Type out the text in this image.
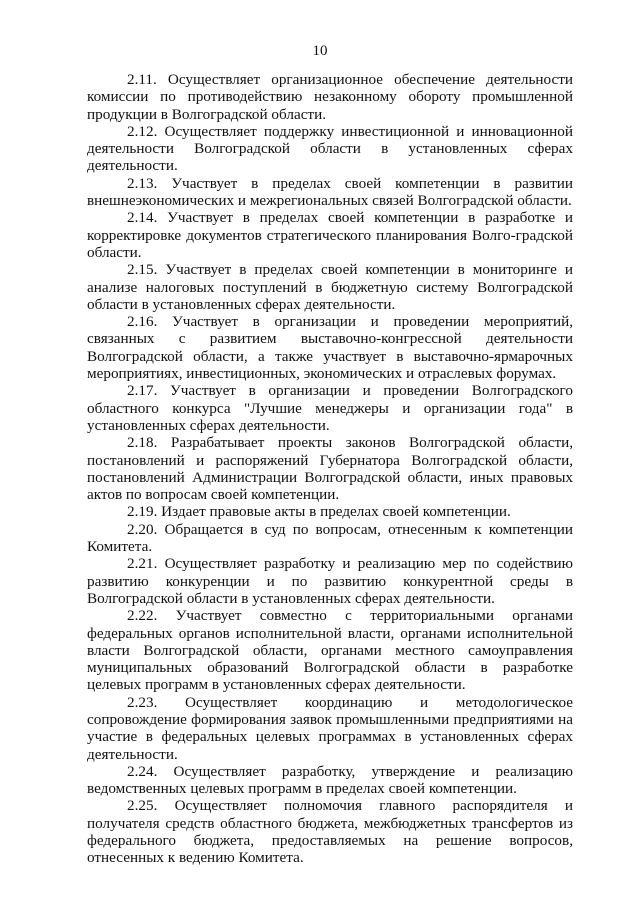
10

2.11. Осуществляет организационное обеспечение деятельности комиссии по противодействию незаконному обороту промышленной продукции в Волгоградской области.

2.12. Осуществляет поддержку инвестиционной и инновационной деятельности Волгоградской области в установленных сферах деятельности.

2.13. Участвует в пределах своей компетенции в развитии внешнеэкономических и межрегиональных связей Волгоградской области.

2.14. Участвует в пределах своей компетенции в разработке и корректировке документов стратегического планирования Волго-градской области.

2.15. Участвует в пределах своей компетенции в мониторинге и анализе налоговых поступлений в бюджетную систему Волгоградской области в установленных сферах деятельности.

2.16. Участвует в организации и проведении мероприятий, связанных с развитием выставочно-конгрессной деятельности Волгоградской области, а также участвует в выставочно-ярмарочных мероприятиях, инвестиционных, экономических и отраслевых форумах.

2.17. Участвует в организации и проведении Волгоградского областного конкурса "Лучшие менеджеры и организации года" в установленных сферах деятельности.

2.18. Разрабатывает проекты законов Волгоградской области, постановлений и распоряжений Губернатора Волгоградской области, постановлений Администрации Волгоградской области, иных правовых актов по вопросам своей компетенции.

2.19. Издает правовые акты в пределах своей компетенции.

2.20. Обращается в суд по вопросам, отнесенным к компетенции Комитета.

2.21. Осуществляет разработку и реализацию мер по содействию развитию конкуренции и по развитию конкурентной среды в Волгоградской области в установленных сферах деятельности.

2.22. Участвует совместно с территориальными органами федеральных органов исполнительной власти, органами исполнительной власти Волгоградской области, органами местного самоуправления муниципальных образований Волгоградской области в разработке целевых программ в установленных сферах деятельности.

2.23. Осуществляет координацию и методологическое сопровождение формирования заявок промышленными предприятиями на участие в федеральных целевых программах в установленных сферах деятельности.

2.24. Осуществляет разработку, утверждение и реализацию ведомственных целевых программ в пределах своей компетенции.

2.25. Осуществляет полномочия главного распорядителя и получателя средств областного бюджета, межбюджетных трансфертов из федерального бюджета, предоставляемых на решение вопросов, отнесенных к ведению Комитета.
